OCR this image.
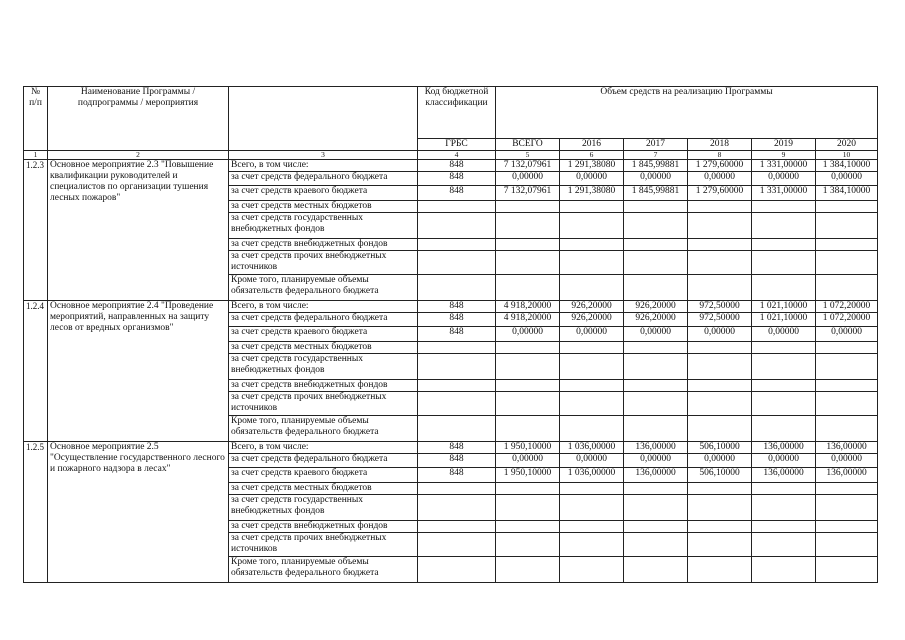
№
п/п	Наименование Программы /
подпрограммы / мероприятия		Код бюджетной
классификации	Объем средств на реализацию Программы					
			ГРБС	ВСЕГО	2016	2017	2018	2019	2020
1	2	3	4	5	6	7	8	9	10
1.2.3	Основное мероприятие 2.3 "Повышение квалификации руководителей и специалистов по организации тушения лесных пожаров"	Всего, в том числе:	848	7 132,07961	1 291,38080	1 845,99881	1 279,60000	1 331,00000	1 384,10000
		за счет средств федерального бюджета	848	0,00000	0,00000	0,00000	0,00000	0,00000	0,00000
		за счет средств краевого бюджета	848	7 132,07961	1 291,38080	1 845,99881	1 279,60000	1 331,00000	1 384,10000
		за счет средств местных бюджетов							
		за счет средств государственных
внебюджетных фондов							
		за счет средств внебюджетных фондов							
		за счет средств прочих внебюджетных
источников							
		Кроме того, планируемые объемы
обязательств федерального бюджета							
1.2.4	Основное мероприятие 2.4 "Проведение мероприятий, направленных на защиту лесов от вредных организмов"	Всего, в том числе:	848	4 918,20000	926,20000	926,20000	972,50000	1 021,10000	1 072,20000
		за счет средств федерального бюджета	848	4 918,20000	926,20000	926,20000	972,50000	1 021,10000	1 072,20000
		за счет средств краевого бюджета	848	0,00000	0,00000	0,00000	0,00000	0,00000	0,00000
		за счет средств местных бюджетов							
		за счет средств государственных
внебюджетных фондов							
		за счет средств внебюджетных фондов							
		за счет средств прочих внебюджетных
источников							
		Кроме того, планируемые объемы
обязательств федерального бюджета							
1.2.5	Основное мероприятие 2.5 "Осуществление государственного лесного и пожарного надзора в лесах"	Всего, в том числе:	848	1 950,10000	1 036,00000	136,00000	506,10000	136,00000	136,00000
		за счет средств федерального бюджета	848	0,00000	0,00000	0,00000	0,00000	0,00000	0,00000
		за счет средств краевого бюджета	848	1 950,10000	1 036,00000	136,00000	506,10000	136,00000	136,00000
		за счет средств местных бюджетов							
		за счет средств государственных
внебюджетных фондов							
		за счет средств внебюджетных фондов							
		за счет средств прочих внебюджетных
источников							
		Кроме того, планируемые объемы
обязательств федерального бюджета							
